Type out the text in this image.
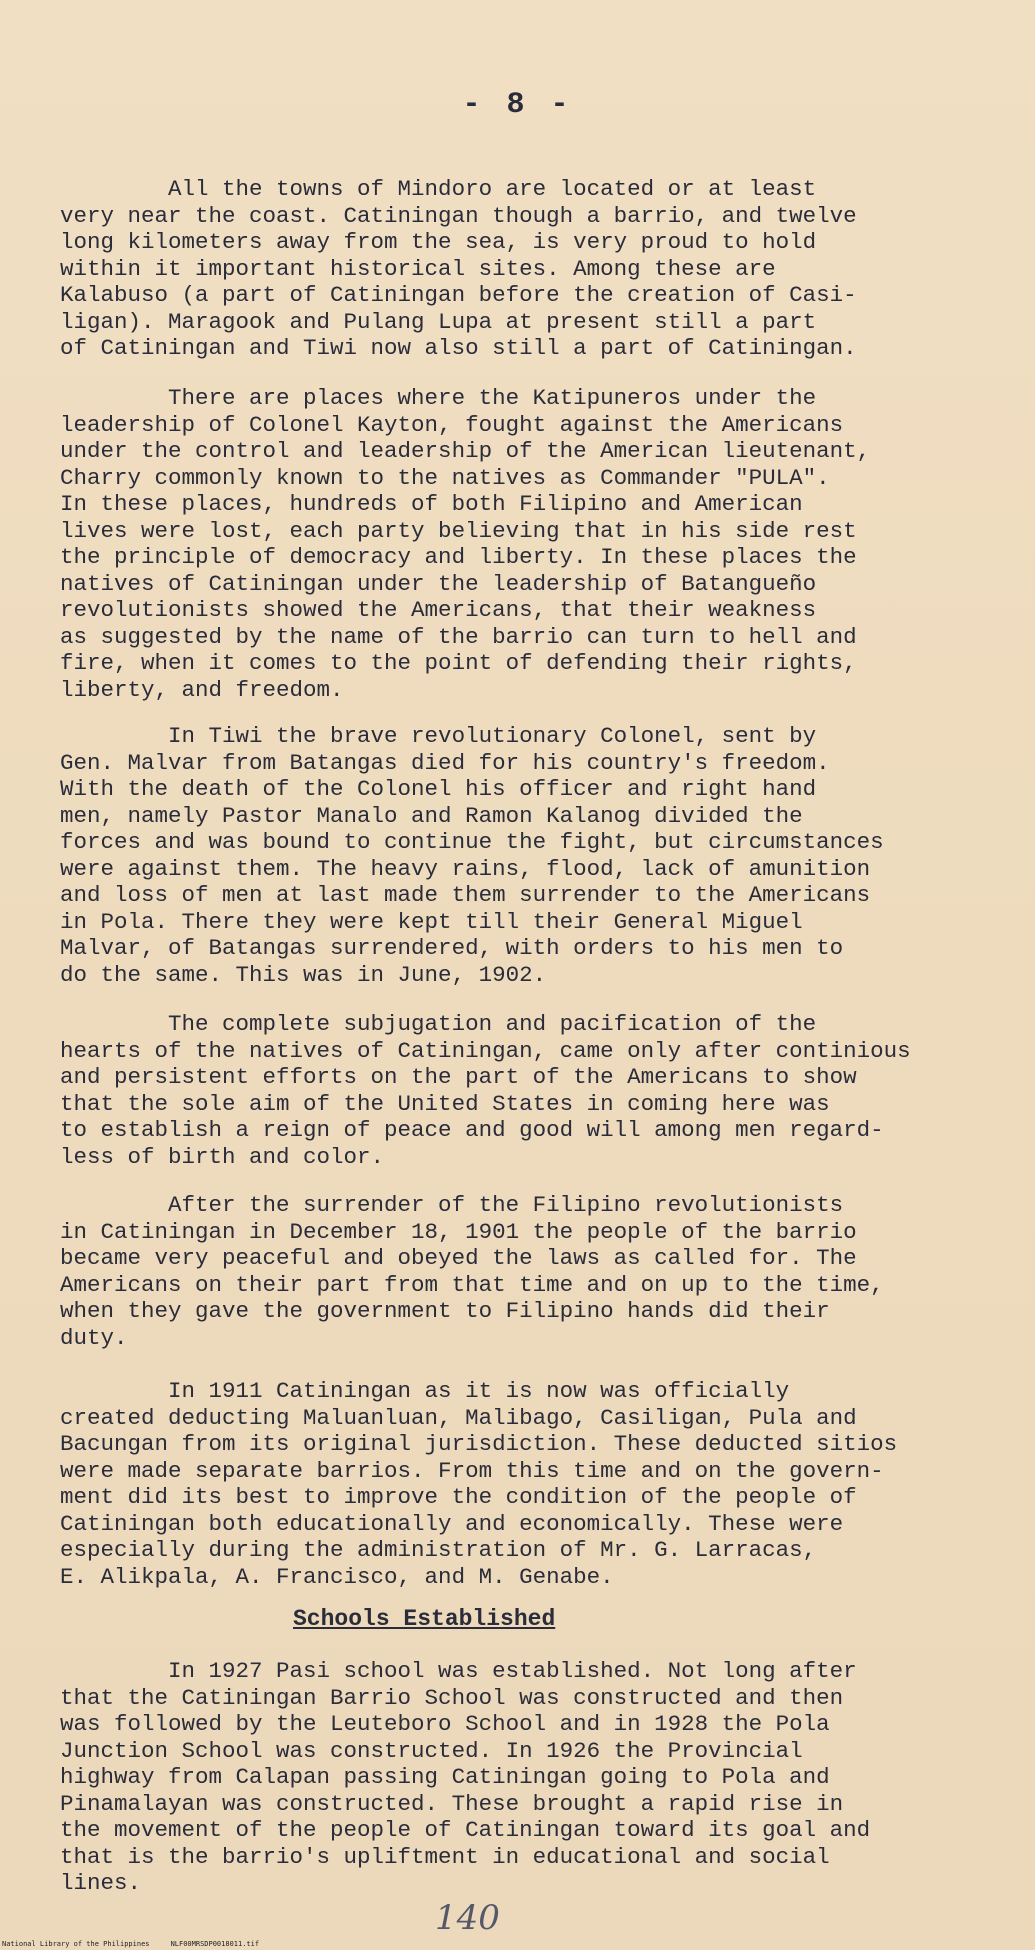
- 8 -

All the towns of Mindoro are located or at least
very near the coast. Catiningan though a barrio, and twelve
long kilometers away from the sea, is very proud to hold
within it important historical sites. Among these are
Kalabuso (a part of Catiningan before the creation of Casi-
ligan). Maragook and Pulang Lupa at present still a part
of Catiningan and Tiwi now also still a part of Catiningan.

There are places where the Katipuneros under the
leadership of Colonel Kayton, fought against the Americans
under the control and leadership of the American lieutenant,
Charry commonly known to the natives as Commander "PULA".
In these places, hundreds of both Filipino and American
lives were lost, each party believing that in his side rest
the principle of democracy and liberty. In these places the
natives of Catiningan under the leadership of Batangueño
revolutionists showed the Americans, that their weakness
as suggested by the name of the barrio can turn to hell and
fire, when it comes to the point of defending their rights,
liberty, and freedom.

In Tiwi the brave revolutionary Colonel, sent by
Gen. Malvar from Batangas died for his country's freedom.
With the death of the Colonel his officer and right hand
men, namely Pastor Manalo and Ramon Kalanog divided the
forces and was bound to continue the fight, but circumstances
were against them. The heavy rains, flood, lack of amunition
and loss of men at last made them surrender to the Americans
in Pola. There they were kept till their General Miguel
Malvar, of Batangas surrendered, with orders to his men to
do the same. This was in June, 1902.

The complete subjugation and pacification of the
hearts of the natives of Catiningan, came only after continious
and persistent efforts on the part of the Americans to show
that the sole aim of the United States in coming here was
to establish a reign of peace and good will among men regard-
less of birth and color.

After the surrender of the Filipino revolutionists
in Catiningan in December 18, 1901 the people of the barrio
became very peaceful and obeyed the laws as called for. The
Americans on their part from that time and on up to the time,
when they gave the government to Filipino hands did their
duty.

In 1911 Catiningan as it is now was officially
created deducting Maluanluan, Malibago, Casiligan, Pula and
Bacungan from its original jurisdiction. These deducted sitios
were made separate barrios. From this time and on the govern-
ment did its best to improve the condition of the people of
Catiningan both educationally and economically. These were
especially during the administration of Mr. G. Larracas,
E. Alikpala, A. Francisco, and M. Genabe.

Schools Established

In 1927 Pasi school was established. Not long after
that the Catiningan Barrio School was constructed and then
was followed by the Leuteboro School and in 1928 the Pola
Junction School was constructed. In 1926 the Provincial
highway from Calapan passing Catiningan going to Pola and
Pinamalayan was constructed. These brought a rapid rise in
the movement of the people of Catiningan toward its goal and
that is the barrio's upliftment in educational and social
lines.

140
National Library of the Philippines     NLF00MRSDP0018011.tif
